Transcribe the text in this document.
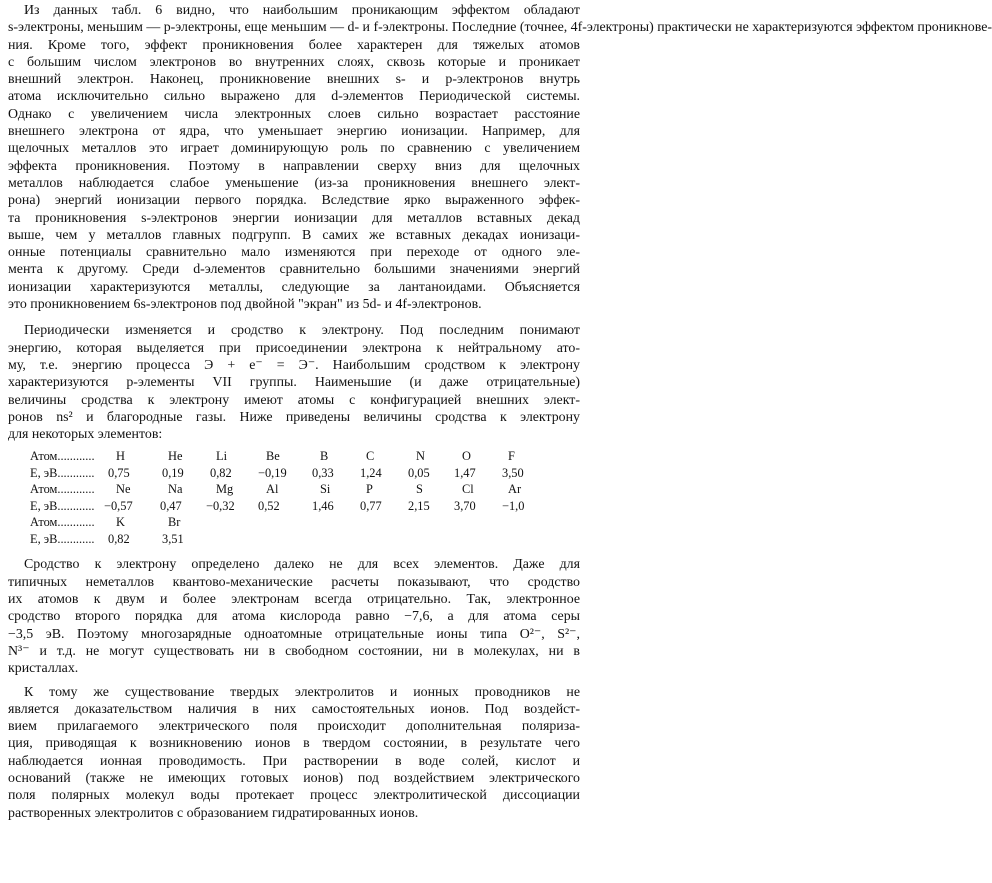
Из данных табл. 6 видно, что наибольшим проникающим эффектом обладают
s-электроны, меньшим — p-электроны, еще меньшим — d- и f-электроны. Последние (точнее, 4f-электроны) практически не характеризуются эффектом проникнове-
ния. Кроме того, эффект проникновения более характерен для тяжелых атомов
с большим числом электронов во внутренних слоях, сквозь которые и проникает
внешний электрон. Наконец, проникновение внешних s- и p-электронов внутрь
атома исключительно сильно выражено для d-элементов Периодической системы.
Однако с увеличением числа электронных слоев сильно возрастает расстояние
внешнего электрона от ядра, что уменьшает энергию ионизации. Например, для
щелочных металлов это играет доминирующую роль по сравнению с увеличением
эффекта проникновения. Поэтому в направлении сверху вниз для щелочных
металлов наблюдается слабое уменьшение (из-за проникновения внешнего элект-
рона) энергий ионизации первого порядка. Вследствие ярко выраженного эффек-
та проникновения s-электронов энергии ионизации для металлов вставных декад
выше, чем у металлов главных подгрупп. В самих же вставных декадах ионизаци-
онные потенциалы сравнительно мало изменяются при переходе от одного эле-
мента к другому. Среди d-элементов сравнительно большими значениями энергий
ионизации характеризуются металлы, следующие за лантаноидами. Объясняется
это проникновением 6s-электронов под двойной "экран" из 5d- и 4f-электронов.
Периодически изменяется и сродство к электрону. Под последним понимают
энергию, которая выделяется при присоединении электрона к нейтральному ато-
му, т.е. энергию процесса Э + e⁻ = Э⁻. Наибольшим сродством к электрону
характеризуются p-элементы VII группы. Наименьшие (и даже отрицательные)
величины сродства к электрону имеют атомы с конфигурацией внешних элект-
ронов ns² и благородные газы. Ниже приведены величины сродства к электрону
для некоторых элементов:
Атом............ H	He	Li	Be	B	C	N	O	F
E, эВ............ 0,75	0,19 0,82 −0,19 0,33 1,24 0,05 1,47 3,50
Атом............ Ne	Na	Mg	Al	Si	P	S	Cl	Ar
E, эВ............ −0,57 0,47 −0,32 0,52	1,46 0,77 2,15 3,70 −1,0
Атом............ K	Br
E, эВ............ 0,82	3,51
Сродство к электрону определено далеко не для всех элементов. Даже для
типичных неметаллов квантово-механические расчеты показывают, что сродство
их атомов к двум и более электронам всегда отрицательно. Так, электронное
сродство второго порядка для атома кислорода равно −7,6, а для атома серы
−3,5 эВ. Поэтому многозарядные одноатомные отрицательные ионы типа O²⁻, S²⁻,
N³⁻ и т.д. не могут существовать ни в свободном состоянии, ни в молекулах, ни в
кристаллах.
К тому же существование твердых электролитов и ионных проводников не
является доказательством наличия в них самостоятельных ионов. Под воздейст-
вием прилагаемого электрического поля происходит дополнительная поляриза-
ция, приводящая к возникновению ионов в твердом состоянии, в результате чего
наблюдается ионная проводимость. При растворении в воде солей, кислот и
оснований (также не имеющих готовых ионов) под воздействием электрического
поля полярных молекул воды протекает процесс электролитической диссоциации
растворенных электролитов с образованием гидратированных ионов.
